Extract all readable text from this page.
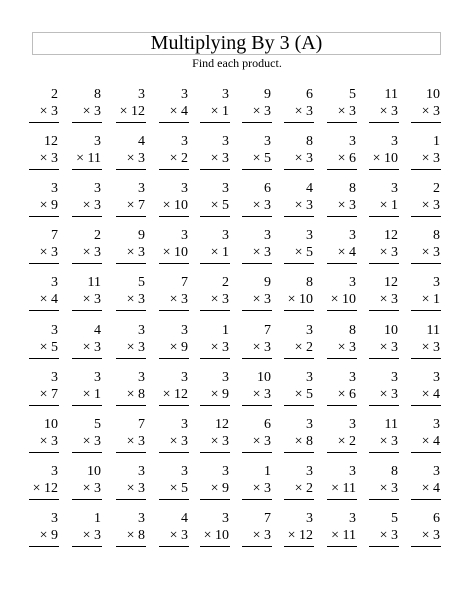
Multiplying By 3 (A)
Find each product.
2
× 3
8
× 3
3
× 12
3
× 4
3
× 1
9
× 3
6
× 3
5
× 3
11
× 3
10
× 3
12
× 3
3
× 11
4
× 3
3
× 2
3
× 3
3
× 5
8
× 3
3
× 6
3
× 10
1
× 3
3
× 9
3
× 3
3
× 7
3
× 10
3
× 5
6
× 3
4
× 3
8
× 3
3
× 1
2
× 3
7
× 3
2
× 3
9
× 3
3
× 10
3
× 1
3
× 3
3
× 5
3
× 4
12
× 3
8
× 3
3
× 4
11
× 3
5
× 3
7
× 3
2
× 3
9
× 3
8
× 10
3
× 10
12
× 3
3
× 1
3
× 5
4
× 3
3
× 3
3
× 9
1
× 3
7
× 3
3
× 2
8
× 3
10
× 3
11
× 3
3
× 7
3
× 1
3
× 8
3
× 12
3
× 9
10
× 3
3
× 5
3
× 6
3
× 3
3
× 4
10
× 3
5
× 3
7
× 3
3
× 3
12
× 3
6
× 3
3
× 8
3
× 2
11
× 3
3
× 4
3
× 12
10
× 3
3
× 3
3
× 5
3
× 9
1
× 3
3
× 2
3
× 11
8
× 3
3
× 4
3
× 9
1
× 3
3
× 8
4
× 3
3
× 10
7
× 3
3
× 12
3
× 11
5
× 3
6
× 3
